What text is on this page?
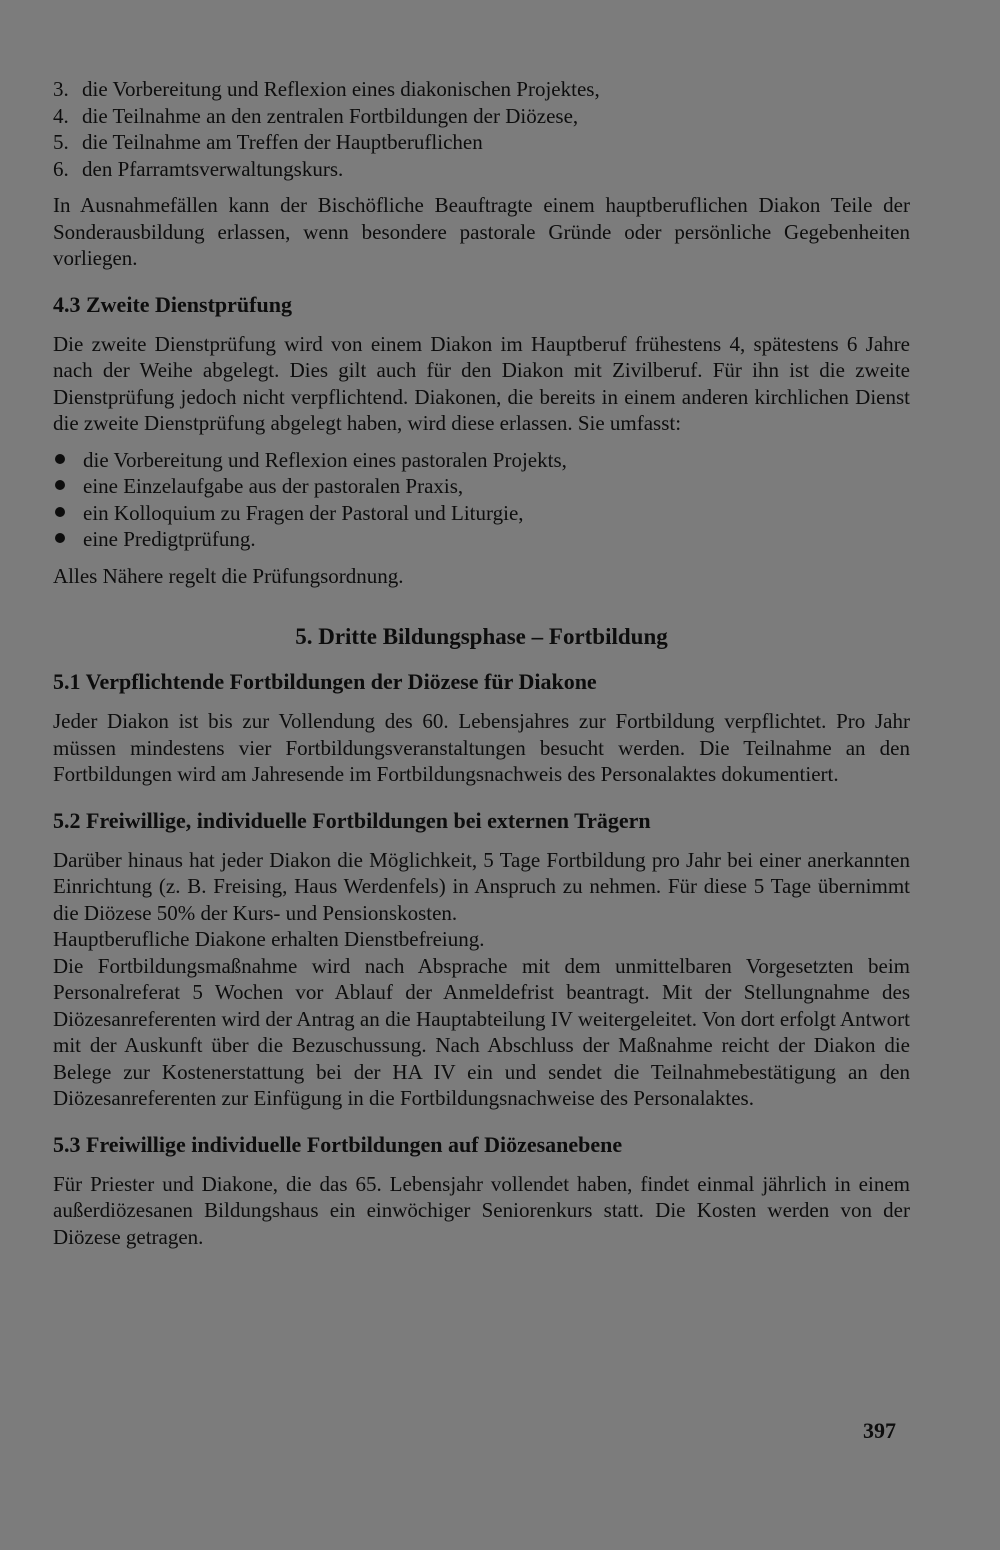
3. die Vorbereitung und Reflexion eines diakonischen Projektes,
4. die Teilnahme an den zentralen Fortbildungen der Diözese,
5. die Teilnahme am Treffen der Hauptberuflichen
6. den Pfarramtsverwaltungskurs.

In Ausnahmefällen kann der Bischöfliche Beauftragte einem hauptberuflichen Diakon Teile der Sonderausbildung erlassen, wenn besondere pastorale Gründe oder persönliche Gegebenheiten vorliegen.

4.3 Zweite Dienstprüfung

Die zweite Dienstprüfung wird von einem Diakon im Hauptberuf frühestens 4, spätestens 6 Jahre nach der Weihe abgelegt. Dies gilt auch für den Diakon mit Zivilberuf. Für ihn ist die zweite Dienstprüfung jedoch nicht verpflichtend. Diakonen, die bereits in einem anderen kirchlichen Dienst die zweite Dienstprüfung abgelegt haben, wird diese erlassen. Sie umfasst:

die Vorbereitung und Reflexion eines pastoralen Projekts,
eine Einzelaufgabe aus der pastoralen Praxis,
ein Kolloquium zu Fragen der Pastoral und Liturgie,
eine Predigtprüfung.

Alles Nähere regelt die Prüfungsordnung.

5. Dritte Bildungsphase – Fortbildung
5.1 Verpflichtende Fortbildungen der Diözese für Diakone

Jeder Diakon ist bis zur Vollendung des 60. Lebensjahres zur Fortbildung verpflichtet. Pro Jahr müssen mindestens vier Fortbildungsveranstaltungen besucht werden. Die Teilnahme an den Fortbildungen wird am Jahresende im Fortbildungsnachweis des Personalaktes dokumentiert.

5.2 Freiwillige, individuelle Fortbildungen bei externen Trägern

Darüber hinaus hat jeder Diakon die Möglichkeit, 5 Tage Fortbildung pro Jahr bei einer anerkannten Einrichtung (z. B. Freising, Haus Werdenfels) in Anspruch zu nehmen. Für diese 5 Tage übernimmt die Diözese 50% der Kurs- und Pensionskosten.

Hauptberufliche Diakone erhalten Dienstbefreiung.

Die Fortbildungsmaßnahme wird nach Absprache mit dem unmittelbaren Vorgesetzten beim Personalreferat 5 Wochen vor Ablauf der Anmeldefrist beantragt. Mit der Stellungnahme des Diözesanreferenten wird der Antrag an die Hauptabteilung IV weitergeleitet. Von dort erfolgt Antwort mit der Auskunft über die Bezuschussung. Nach Abschluss der Maßnahme reicht der Diakon die Belege zur Kostenerstattung bei der HA IV ein und sendet die Teilnahmebestätigung an den Diözesanreferenten zur Einfügung in die Fortbildungsnachweise des Personalaktes.

5.3 Freiwillige individuelle Fortbildungen auf Diözesanebene

Für Priester und Diakone, die das 65. Lebensjahr vollendet haben, findet einmal jährlich in einem außerdiözesanen Bildungshaus ein einwöchiger Seniorenkurs statt. Die Kosten werden von der Diözese getragen.

397
